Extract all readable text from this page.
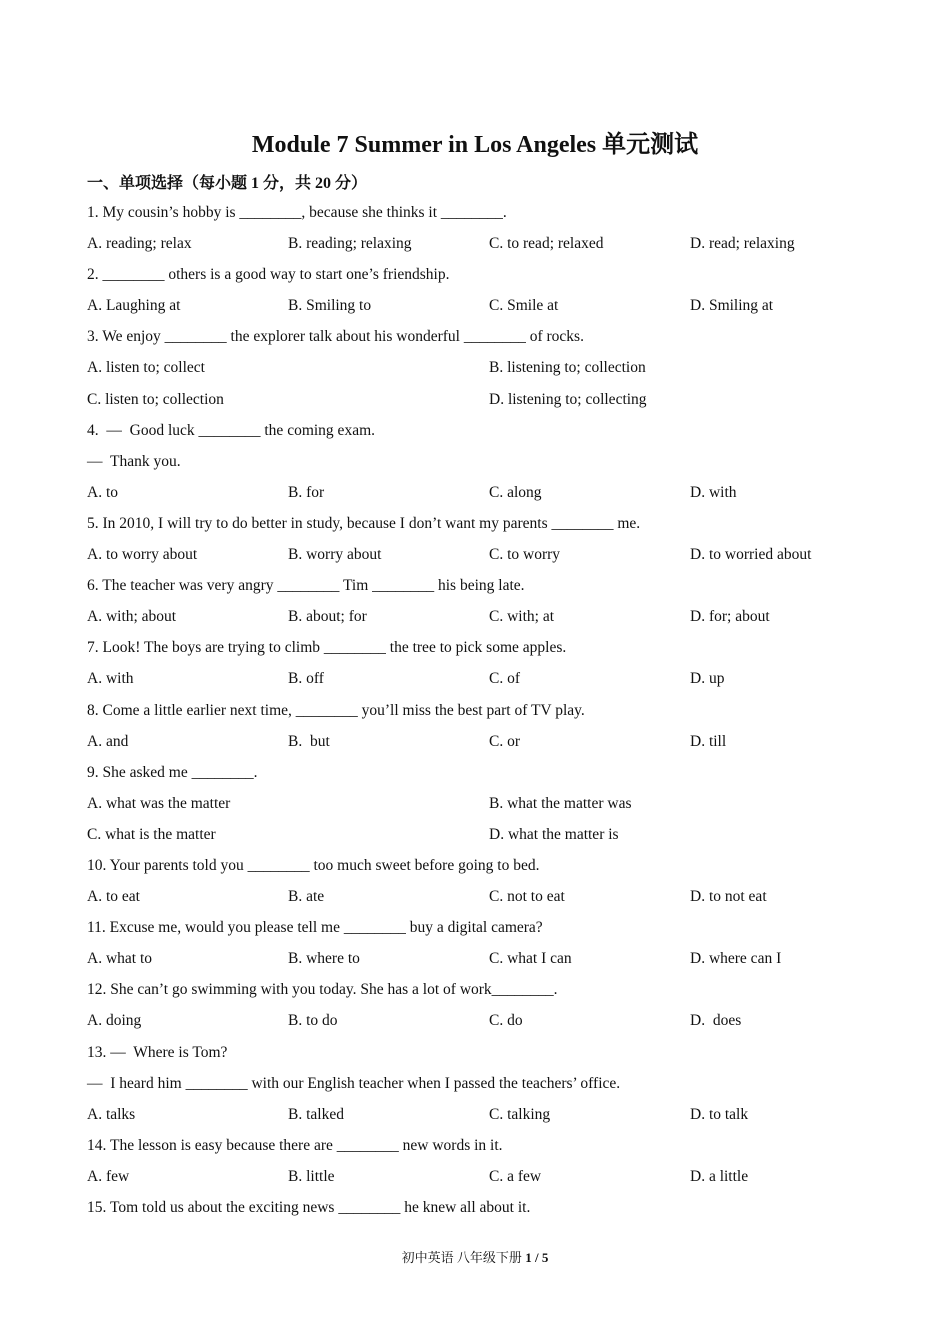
Module 7 Summer in Los Angeles 单元测试
一、单项选择（每小题 1 分，共 20 分）
1. My cousin’s hobby is ________, because she thinks it ________.
A. reading; relax	B. reading; relaxing	C. to read; relaxed	D. read; relaxing
2. ________ others is a good way to start one’s friendship.
A. Laughing at	B. Smiling to	C. Smile at	D. Smiling at
3. We enjoy ________ the explorer talk about his wonderful ________ of rocks.
A. listen to; collect	B. listening to; collection
C. listen to; collection	D. listening to; collecting
4.  —  Good luck ________ the coming exam.
—  Thank you.
A. to	B. for	C. along	D. with
5. In 2010, I will try to do better in study, because I don’t want my parents ________ me.
A. to worry about	B. worry about	C. to worry	D. to worried about
6. The teacher was very angry ________ Tim ________ his being late.
A. with; about	B. about; for	C. with; at	D. for; about
7. Look! The boys are trying to climb ________ the tree to pick some apples.
A. with	B. off	C. of	D. up
8. Come a little earlier next time, ________ you’ll miss the best part of TV play.
A. and	B.  but	C. or	D. till
9. She asked me ________.
A. what was the matter	B. what the matter was
C. what is the matter	D. what the matter is
10. Your parents told you ________ too much sweet before going to bed.
A. to eat	B. ate	C. not to eat	D. to not eat
11. Excuse me, would you please tell me ________ buy a digital camera?
A. what to	B. where to	C. what I can	D. where can I
12. She can’t go swimming with you today. She has a lot of work________.
A. doing	B. to do	C. do	D.  does
13. —  Where is Tom?
—  I heard him ________ with our English teacher when I passed the teachers’ office.
A. talks	B. talked	C. talking	D. to talk
14. The lesson is easy because there are ________ new words in it.
A. few	B. little	C. a few	D. a little
15. Tom told us about the exciting news ________ he knew all about it.
初中英语 八年级下册 1 / 5
